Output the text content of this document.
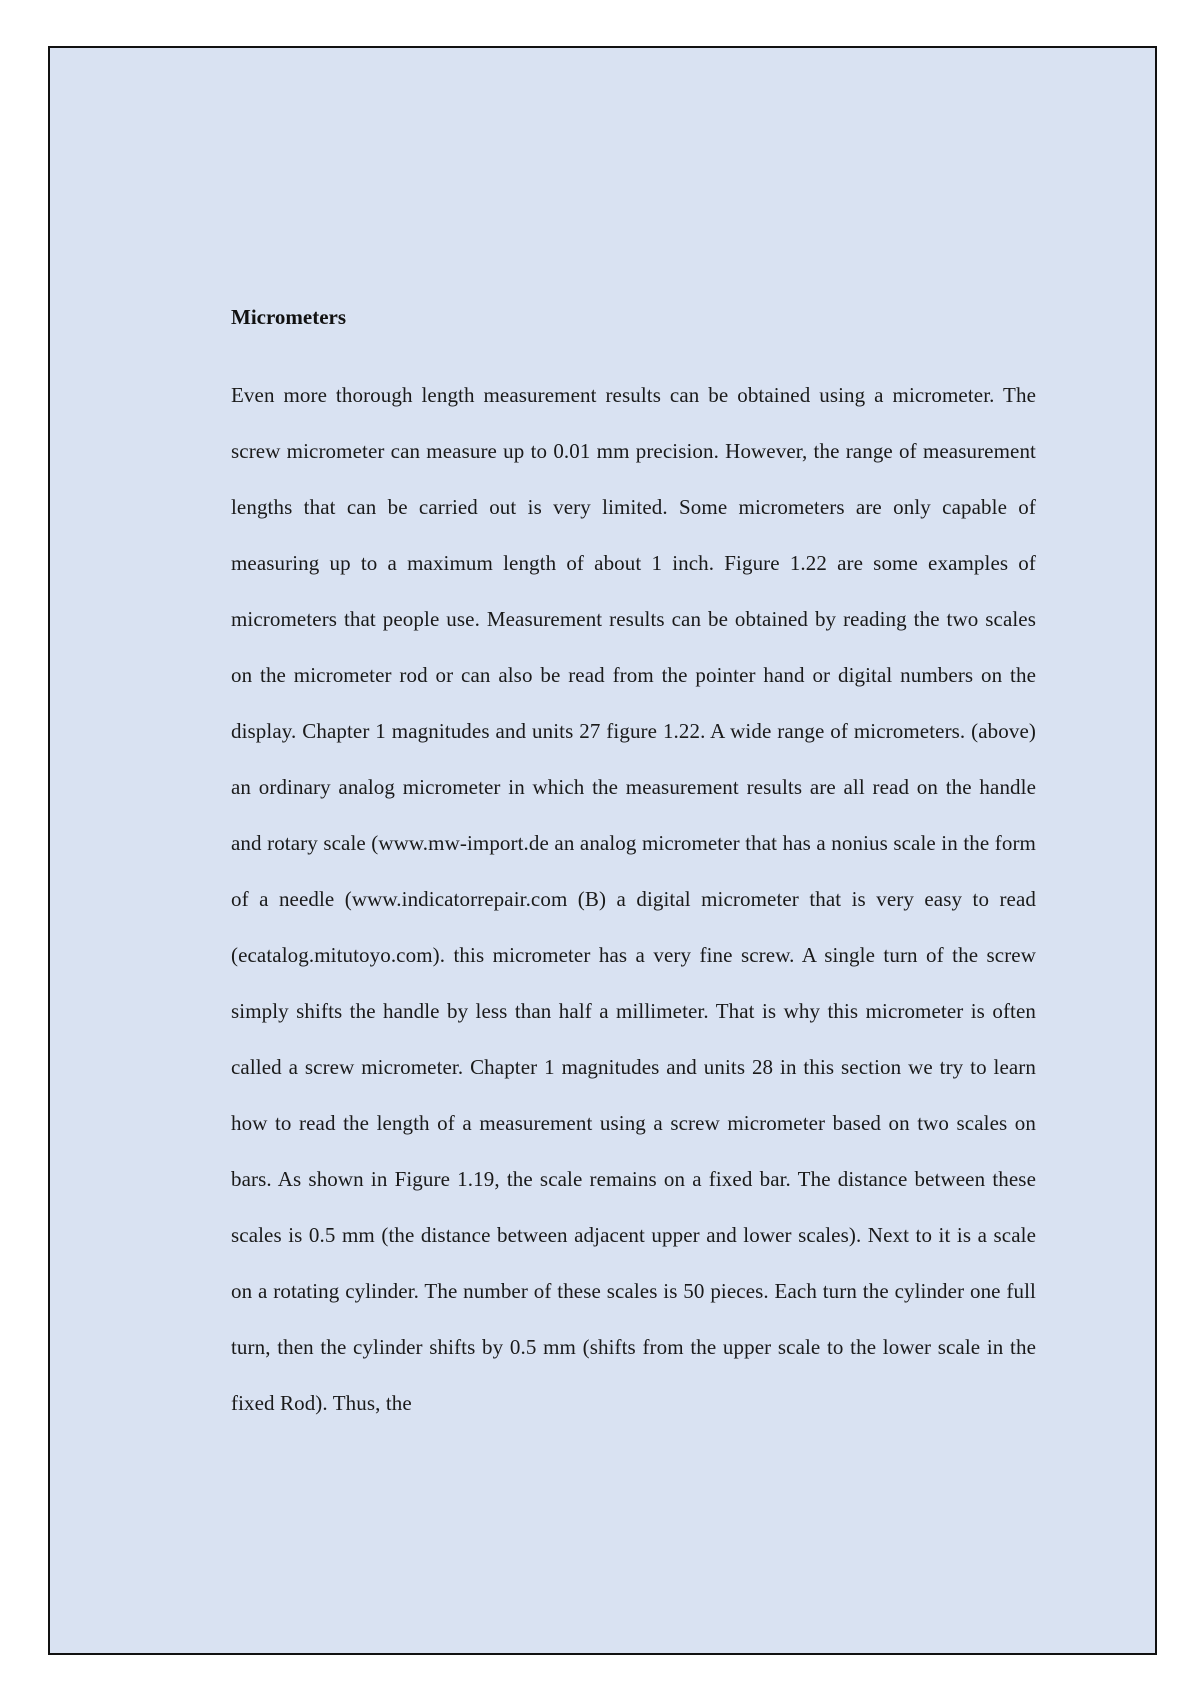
Micrometers

Even more thorough length measurement results can be obtained using a micrometer. The screw micrometer can measure up to 0.01 mm precision. However, the range of measurement lengths that can be carried out is very limited. Some micrometers are only capable of measuring up to a maximum length of about 1 inch. Figure 1.22 are some examples of micrometers that people use. Measurement results can be obtained by reading the two scales on the micrometer rod or can also be read from the pointer hand or digital numbers on the display. Chapter 1 magnitudes and units 27 figure 1.22. A wide range of micrometers. (above) an ordinary analog micrometer in which the measurement results are all read on the handle and rotary scale (www.mw-import.de an analog micrometer that has a nonius scale in the form of a needle (www.indicatorrepair.com (B) a digital micrometer that is very easy to read (ecatalog.mitutoyo.com). this micrometer has a very fine screw. A single turn of the screw simply shifts the handle by less than half a millimeter. That is why this micrometer is often called a screw micrometer. Chapter 1 magnitudes and units 28 in this section we try to learn how to read the length of a measurement using a screw micrometer based on two scales on bars. As shown in Figure 1.19, the scale remains on a fixed bar. The distance between these scales is 0.5 mm (the distance between adjacent upper and lower scales). Next to it is a scale on a rotating cylinder. The number of these scales is 50 pieces. Each turn the cylinder one full turn, then the cylinder shifts by 0.5 mm (shifts from the upper scale to the lower scale in the fixed Rod). Thus, the
